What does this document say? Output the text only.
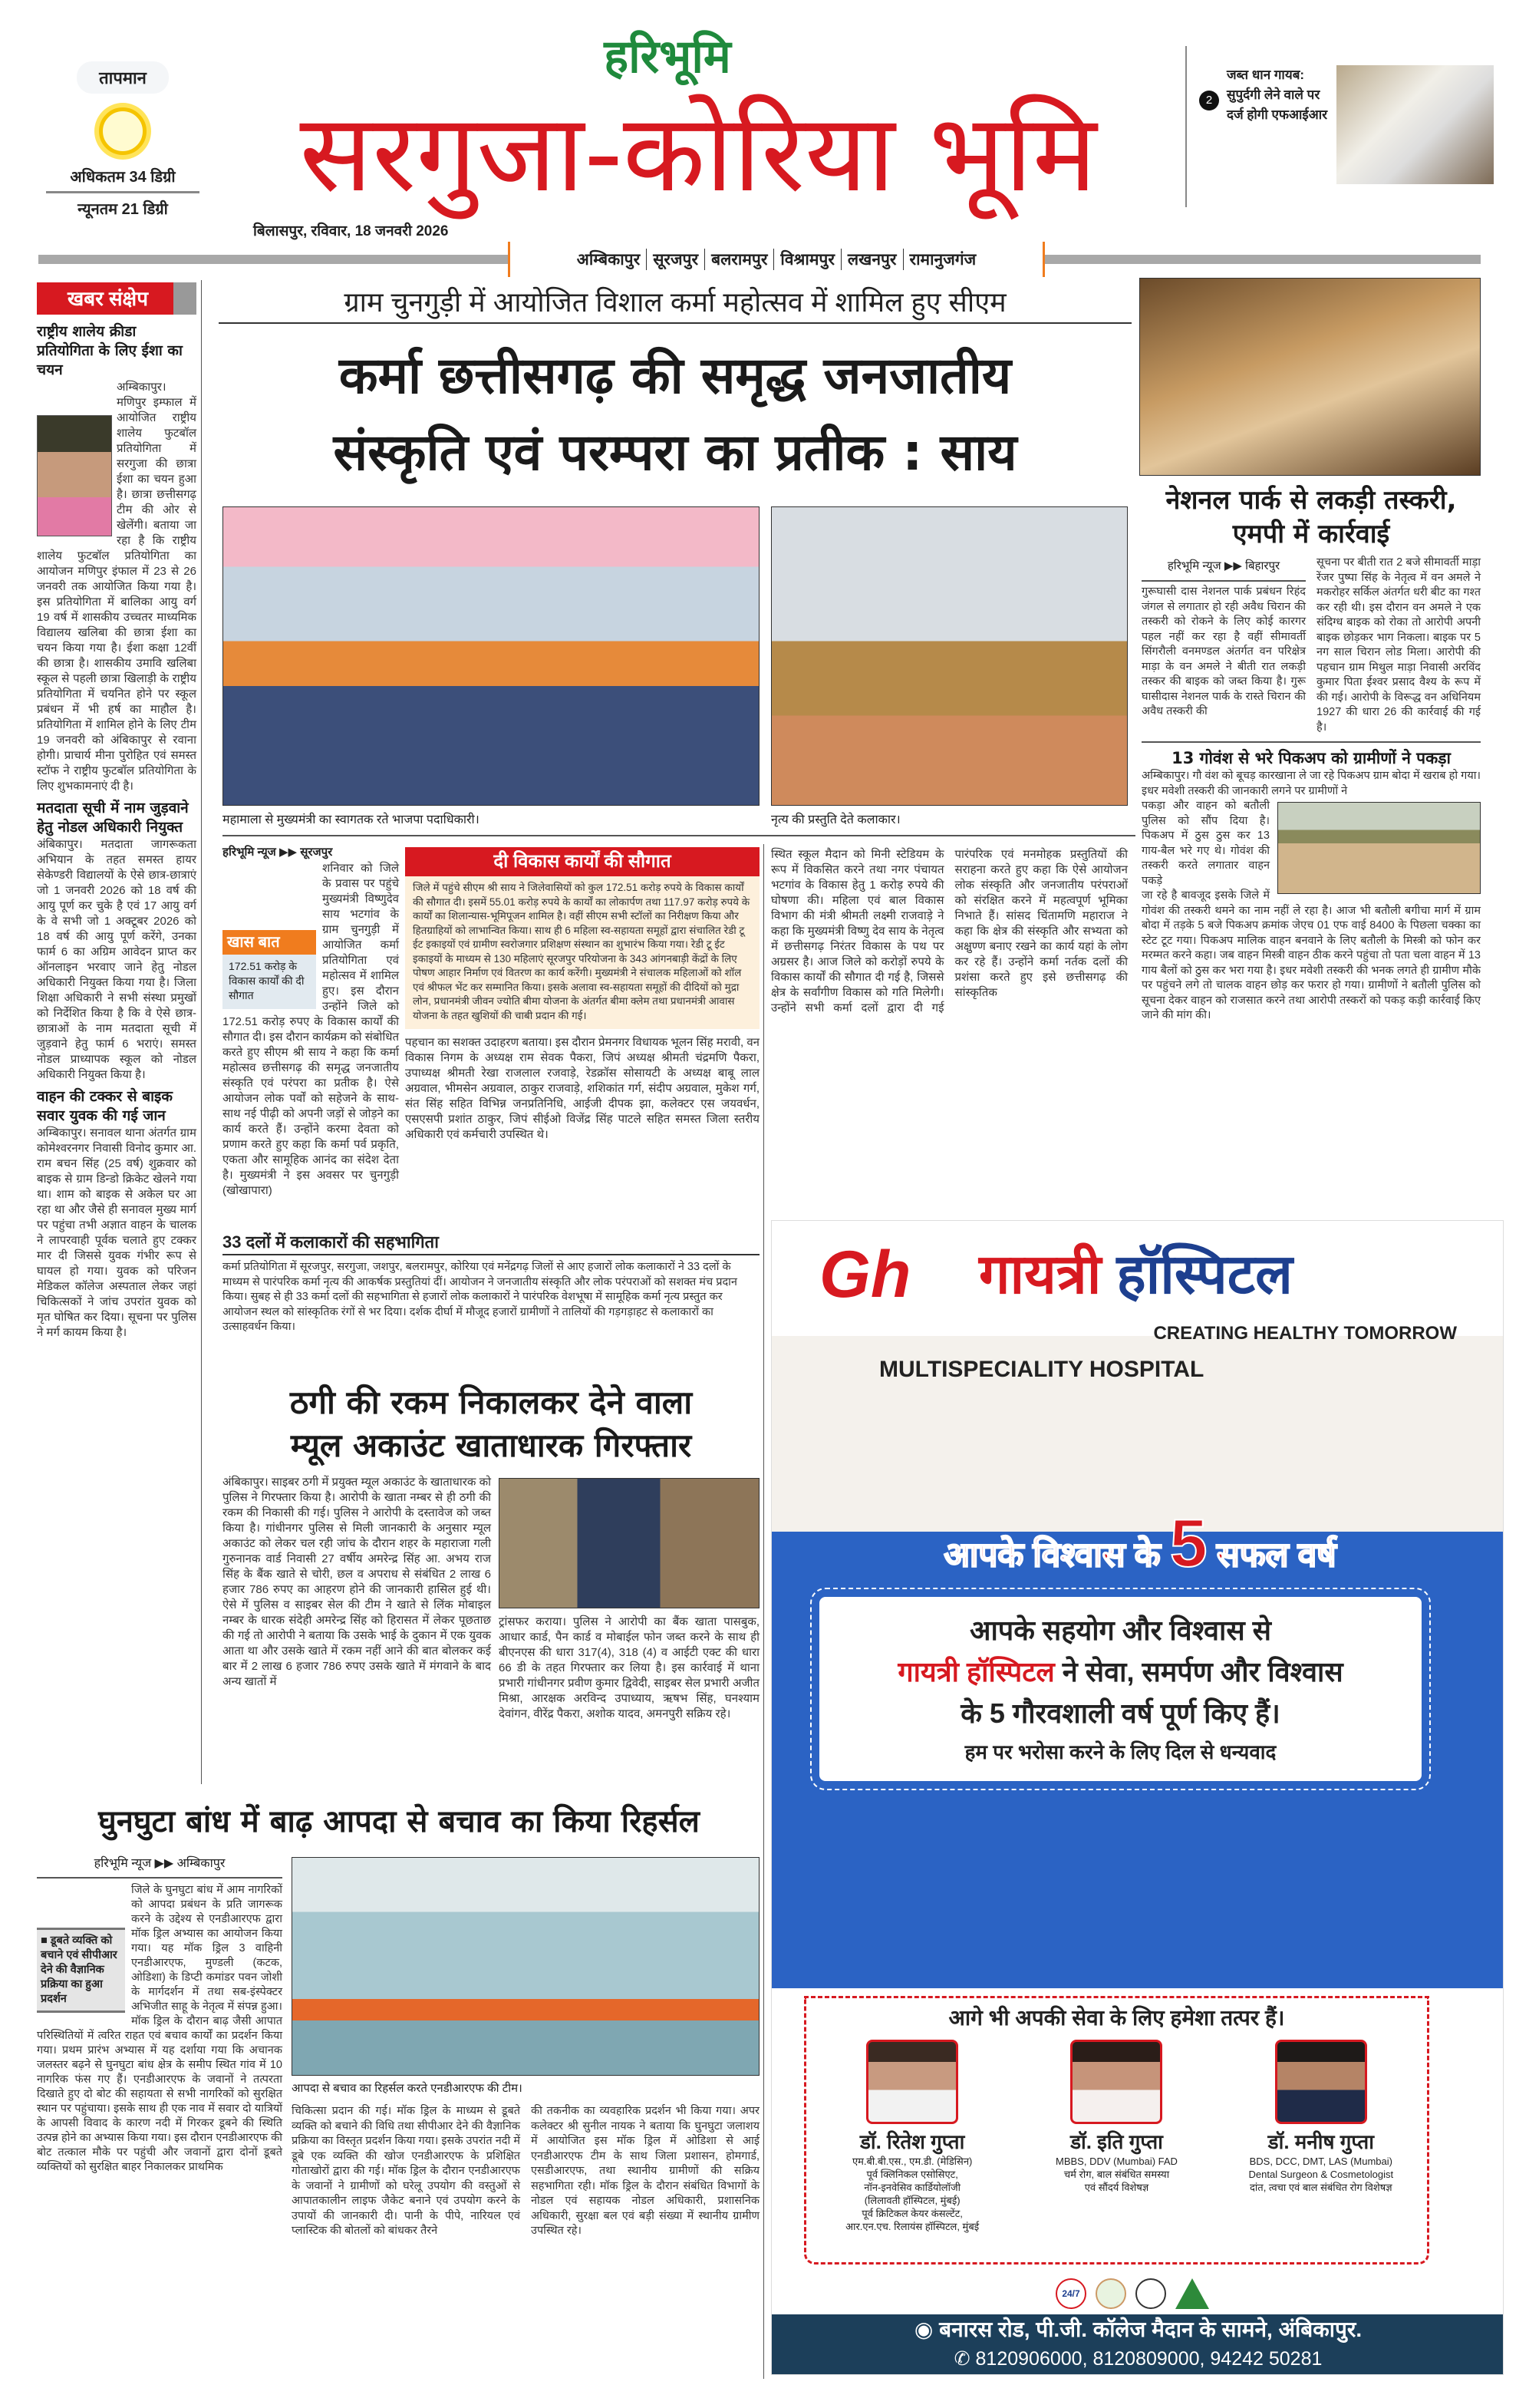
तापमान
अधिकतम 34 डिग्री
न्यूनतम 21 डिग्री
हरिभूमि
सरगुजा-कोरिया भूमि
बिलासपुर, रविवार, 18 जनवरी 2026
अम्बिकापुर सूरजपुर बलरामपुर विश्रामपुर लखनपुर रामानुजगंज
2
जब्त धान गायब: सुपुर्दगी लेने वाले पर दर्ज होगी एफआईआर
खबर संक्षेप
राष्ट्रीय शालेय क्रीडा प्रतियोगिता के लिए ईशा का चयन
अम्बिकापुर। मणिपुर इम्फाल में आयोजित राष्ट्रीय शालेय फुटबॉल प्रतियोगिता में सरगुजा की छात्रा ईशा का चयन हुआ है। छात्रा छत्तीसगढ़ टीम की ओर से खेलेंगी। बताया जा रहा है कि राष्ट्रीय शालेय फुटबॉल प्रतियोगिता का आयोजन मणिपुर इंफाल में 23 से 26 जनवरी तक आयोजित किया गया है। इस प्रतियोगिता में बालिका आयु वर्ग 19 वर्ष में शासकीय उच्चतर माध्यमिक विद्यालय खलिबा की छात्रा ईशा का चयन किया गया है। ईशा कक्षा 12वीं की छात्रा है। शासकीय उमावि खलिबा स्कूल से पहली छात्रा खिलाड़ी के राष्ट्रीय प्रतियोगिता में चयनित होने पर स्कूल प्रबंधन में भी हर्ष का माहौल है। प्रतियोगिता में शामिल होने के लिए टीम 19 जनवरी को अंबिकापुर से रवाना होगी। प्राचार्य मीना पुरोहित एवं समस्त स्टॉफ ने राष्ट्रीय फुटबॉल प्रतियोगिता के लिए शुभकामनाएं दी है।
मतदाता सूची में नाम जुड़वाने हेतु नोडल अधिकारी नियुक्त
अंबिकापुर। मतदाता जागरूकता अभियान के तहत समस्त हायर सेकेण्डरी विद्यालयों के ऐसे छात्र-छात्राएं जो 1 जनवरी 2026 को 18 वर्ष की आयु पूर्ण कर चुके है एवं 17 आयु वर्ग के वे सभी जो 1 अक्टूबर 2026 को 18 वर्ष की आयु पूर्ण करेंगे, उनका फार्म 6 का अग्रिम आवेदन प्राप्त कर ऑनलाइन भरवाए जाने हेतु नोडल अधिकारी नियुक्त किया गया है। जिला शिक्षा अधिकारी ने सभी संस्था प्रमुखों को निर्देशित किया है कि वे ऐसे छात्र-छात्राओं के नाम मतदाता सूची में जुड़वाने हेतु फार्म 6 भराएं। समस्त नोडल प्राध्यापक स्कूल को नोडल अधिकारी नियुक्त किया है।
वाहन की टक्कर से बाइक सवार युवक की गई जान
अम्बिकापुर। सनावल थाना अंतर्गत ग्राम कोमेश्वरनगर निवासी विनोद कुमार आ. राम बचन सिंह (25 वर्ष) शुक्रवार को बाइक से ग्राम डिन्डो क्रिकेट खेलने गया था। शाम को बाइक से अकेल घर आ रहा था और जैसे ही सनावल मुख्य मार्ग पर पहुंचा तभी अज्ञात वाहन के चालक ने लापरवाही पूर्वक चलाते हुए टक्कर मार दी जिससे युवक गंभीर रूप से घायल हो गया। युवक को परिजन मेडिकल कॉलेज अस्पताल लेकर जहां चिकित्सकों ने जांच उपरांत युवक को मृत घोषित कर दिया। सूचना पर पुलिस ने मर्ग कायम किया है।
ग्राम चुनगुड़ी में आयोजित विशाल कर्मा महोत्सव में शामिल हुए सीएम
कर्मा छत्तीसगढ़ की समृद्ध जनजातीय
संस्कृति एवं परम्परा का प्रतीक : साय
महामाला से मुख्यमंत्री का स्वागतक रते भाजपा पदाधिकारी।	नृत्य की प्रस्तुति देते कलाकार।
हरिभूमि न्यूज ▶▶ सूरजपुर
खास बात
172.51 करोड़ के विकास कार्यों की दी सौगात
शनिवार को जिले के प्रवास पर पहुंचे मुख्यमंत्री विष्णुदेव साय भटगांव के ग्राम चुनगुड़ी में आयोजित कर्मा प्रतियोगिता एवं महोत्सव में शामिल हुए। इस दौरान उन्होंने जिले को 172.51 करोड़ रुपए के विकास कार्यों की सौगात दी। इस दौरान कार्यक्रम को संबोधित करते हुए सीएम श्री साय ने कहा कि कर्मा महोत्सव छत्तीसगढ़ की समृद्ध जनजातीय संस्कृति एवं परंपरा का प्रतीक है। ऐसे आयोजन लोक पर्वों को सहेजने के साथ-साथ नई पीढ़ी को अपनी जड़ों से जोड़ने का कार्य करते हैं। उन्होंने करमा देवता को प्रणाम करते हुए कहा कि कर्मा पर्व प्रकृति, एकता और सामूहिक आनंद का संदेश देता है। मुख्यमंत्री ने इस अवसर पर चुनगुड़ी (खोखापारा)
दी विकास कार्यों की सौगात
जिले में पहुंचे सीएम श्री साय ने जिलेवासियों को कुल 172.51 करोड़ रुपये के विकास कार्यों की सौगात दी। इसमें 55.01 करोड़ रुपये के कार्यों का लोकार्पण तथा 117.97 करोड़ रुपये के कार्यों का शिलान्यास-भूमिपूजन शामिल है। वहीं सीएम सभी स्टॉलों का निरीक्षण किया और हितग्राहियों को लाभान्वित किया। साथ ही 6 महिला स्व-सहायता समूहों द्वारा संचालित रेडी टू ईट इकाइयों एवं ग्रामीण स्वरोजगार प्रशिक्षण संस्थान का शुभारंभ किया गया। रेडी टू ईट इकाइयों के माध्यम से 130 महिलाएं सूरजपुर परियोजना के 343 आंगनबाड़ी केंद्रों के लिए पोषण आहार निर्माण एवं वितरण का कार्य करेंगी। मुख्यमंत्री ने संचालक महिलाओं को शॉल एवं श्रीफल भेंट कर सम्मानित किया। इसके अलावा स्व-सहायता समूहों की दीदियों को मुद्रा लोन, प्रधानमंत्री जीवन ज्योति बीमा योजना के अंतर्गत बीमा क्लेम तथा प्रधानमंत्री आवास योजना के तहत खुशियों की चाबी प्रदान की गई।
पहचान का सशक्त उदाहरण बताया। इस दौरान प्रेमनगर विधायक भूलन सिंह मरावी, वन विकास निगम के अध्यक्ष राम सेवक पैकरा, जिपं अध्यक्ष श्रीमती चंद्रमणि पैकरा, उपाध्यक्ष श्रीमती रेखा राजलाल रजवाड़े, रेडक्रॉस सोसायटी के अध्यक्ष बाबू लाल अग्रवाल, भीमसेन अग्रवाल, ठाकुर राजवाड़े, शशिकांत गर्ग, संदीप अग्रवाल, मुकेश गर्ग, संत सिंह सहित विभिन्न जनप्रतिनिधि, आईजी दीपक झा, कलेक्टर एस जयवर्धन, एसएसपी प्रशांत ठाकुर, जिपं सीईओ विजेंद्र सिंह पाटले सहित समस्त जिला स्तरीय अधिकारी एवं कर्मचारी उपस्थित थे।
स्थित स्कूल मैदान को मिनी स्टेडियम के रूप में विकसित करने तथा नगर पंचायत भटगांव के विकास हेतु 1 करोड़ रुपये की घोषणा की। महिला एवं बाल विकास विभाग की मंत्री श्रीमती लक्ष्मी राजवाड़े ने कहा कि मुख्यमंत्री विष्णु देव साय के नेतृत्व में छत्तीसगढ़ निरंतर विकास के पथ पर अग्रसर है। आज जिले को करोड़ों रुपये के विकास कार्यों की सौगात दी गई है, जिससे क्षेत्र के सर्वांगीण विकास को गति मिलेगी। उन्होंने सभी कर्मा दलों द्वारा दी गई पारंपरिक एवं मनमोहक प्रस्तुतियों की सराहना करते हुए कहा कि ऐसे आयोजन लोक संस्कृति और जनजातीय परंपराओं को संरक्षित करने में महत्वपूर्ण भूमिका निभाते हैं। सांसद चिंतामणि महाराज ने कहा कि क्षेत्र की संस्कृति और सभ्यता को अक्षुण्ण बनाए रखने का कार्य यहां के लोग कर रहे हैं। उन्होंने कर्मा नर्तक दलों की प्रशंसा करते हुए इसे छत्तीसगढ़ की सांस्कृतिक
33 दलों में कलाकारों की सहभागिता
कर्मा प्रतियोगिता में सूरजपुर, सरगुजा, जशपुर, बलरामपुर, कोरिया एवं मनेंद्रगढ़ जिलों से आए हजारों लोक कलाकारों ने 33 दलों के माध्यम से पारंपरिक कर्मा नृत्य की आकर्षक प्रस्तुतियां दीं। आयोजन ने जनजातीय संस्कृति और लोक परंपराओं को सशक्त मंच प्रदान किया। सुबह से ही 33 कर्मा दलों की सहभागिता से हजारों लोक कलाकारों ने पारंपरिक वेशभूषा में सामूहिक कर्मा नृत्य प्रस्तुत कर आयोजन स्थल को सांस्कृतिक रंगों से भर दिया। दर्शक दीर्घा में मौजूद हजारों ग्रामीणों ने तालियों की गड़गड़ाहट से कलाकारों का उत्साहवर्धन किया।
ठगी की रकम निकालकर देने वाला
म्यूल अकाउंट खाताधारक गिरफ्तार
अंबिकापुर। साइबर ठगी में प्रयुक्त म्यूल अकाउंट के खाताधारक को पुलिस ने गिरफ्तार किया है। आरोपी के खाता नम्बर से ही ठगी की रकम की निकासी की गई। पुलिस ने आरोपी के दस्तावेज को जब्त किया है। गांधीनगर पुलिस से मिली जानकारी के अनुसार म्यूल अकाउंट को लेकर चल रही जांच के दौरान शहर के महाराजा गली गुरुनानक वार्ड निवासी 27 वर्षीय अमरेन्द्र सिंह आ. अभय राज सिंह के बैंक खाते से चोरी, छल व अपराध से संबंधित 2 लाख 6 हजार 786 रुपए का आहरण होने की जानकारी हासिल हुई थी। ऐसे में पुलिस व साइबर सेल की टीम ने खाते से लिंक मोबाइल नम्बर के धारक संदेही अमरेन्द्र सिंह को हिरासत में लेकर पूछताछ की गई तो आरोपी ने बताया कि उसके भाई के दुकान में एक युवक आता था और उसके खाते में रकम नहीं आने की बात बोलकर कई बार में 2 लाख 6 हजार 786 रुपए उसके खाते में मंगवाने के बाद अन्य खातों में
ट्रांसफर कराया। पुलिस ने आरोपी का बैंक खाता पासबुक, आधार कार्ड, पैन कार्ड व मोबाईल फोन जब्त करने के साथ ही बीएनएस की धारा 317(4), 318 (4) व आईटी एक्ट की धारा 66 डी के तहत गिरफ्तार कर लिया है। इस कार्रवाई में थाना प्रभारी गांधीनगर प्रवीण कुमार द्विवेदी, साइबर सेल प्रभारी अजीत मिश्रा, आरक्षक अरविन्द उपाध्याय, ऋषभ सिंह, घनश्याम देवांगन, वीरेंद्र पैकरा, अशोक यादव, अमनपुरी सक्रिय रहे।
नेशनल पार्क से लकड़ी तस्करी, एमपी में कार्रवाई
हरिभूमि न्यूज ▶▶ बिहारपुर
गुरूघासी दास नेशनल पार्क प्रबंधन रिहंद जंगल से लगातार हो रही अवैध चिरान की तस्करी को रोकने के लिए कोई कारगर पहल नहीं कर रहा है वहीं सीमावर्ती सिंगरौली वनमण्डल अंतर्गत वन परिक्षेत्र माड़ा के वन अमले ने बीती रात लकड़ी तस्कर की बाइक को जब्त किया है। गुरू घासीदास नेशनल पार्क के रास्ते चिरान की अवैध तस्करी की
सूचना पर बीती रात 2 बजे सीमावर्ती माड़ा रेंजर पुष्पा सिंह के नेतृत्व में वन अमले ने मकरोहर सर्किल अंतर्गत धरी बीट का गश्त कर रही थी। इस दौरान वन अमले ने एक संदिग्ध बाइक को रोका तो आरोपी अपनी बाइक छोड़कर भाग निकला। बाइक पर 5 नग साल चिरान लोड मिला। आरोपी की पहचान ग्राम मिथुल माड़ा निवासी अरविंद कुमार पिता ईश्वर प्रसाद वैश्य के रूप में की गई। आरोपी के विरूद्ध वन अधिनियम 1927 की धारा 26 की कार्रवाई की गई है।
13 गोवंश से भरे पिकअप को ग्रामीणों ने पकड़ा
अम्बिकापुर। गौ वंश को बूचड़ कारखाना ले जा रहे पिकअप ग्राम बोदा में खराब हो गया। इधर मवेशी तस्करी की जानकारी लगने पर ग्रामीणों ने
पकड़ा और वाहन को बतौली पुलिस को सौंप दिया है। पिकअप में ठुस ठुस कर 13 गाय-बैल भरे गए थे। गोवंश की तस्करी करते लगातार वाहन पकड़े
जा रहे है बावजूद इसके जिले में गोवंश की तस्करी थमने का नाम नहीं ले रहा है। आज भी बतौली बगीचा मार्ग में ग्राम बोदा में तड़के 5 बजे पिकअप क्रमांक जेएच 01 एफ वाई 8400 के पिछला चक्का का स्टेट टूट गया। पिकअप मालिक वाहन बनवाने के लिए बतौली के मिस्त्री को फोन कर मरम्मत करने कहा। जब वाहन मिस्त्री वाहन ठीक करने पहुंचा तो पता चला वाहन में 13 गाय बैलों को ठुस कर भरा गया है। इधर मवेशी तस्करी की भनक लगते ही ग्रामीण मौके पर पहुंचने लगे तो चालक वाहन छोड़ कर फरार हो गया। ग्रामीणों ने बतौली पुलिस को सूचना देकर वाहन को राजसात करने तथा आरोपी तस्करों को पकड़ कड़ी कार्रवाई किए जाने की मांग की।
घुनघुटा बांध में बाढ़ आपदा से बचाव का किया रिहर्सल
हरिभूमि न्यूज ▶▶ अम्बिकापुर
■ डूबते व्यक्ति को बचाने एवं सीपीआर देने की वैज्ञानिक प्रक्रिया का हुआ प्रदर्शन
जिले के घुनघुटा बांध में आम नागरिकों को आपदा प्रबंधन के प्रति जागरूक करने के उद्देश्य से एनडीआरएफ द्वारा मॉक ड्रिल अभ्यास का आयोजन किया गया। यह मॉक ड्रिल 3 वाहिनी एनडीआरएफ, मुण्डली (कटक, ओडिशा) के डिप्टी कमांडर पवन जोशी के मार्गदर्शन में तथा सब-इंस्पेक्टर अभिजीत साहू के नेतृत्व में संपन्न हुआ। मॉक ड्रिल के दौरान बाढ़ जैसी आपात परिस्थितियों में त्वरित राहत एवं बचाव कार्यों का प्रदर्शन किया गया। प्रथम प्रारंभ अभ्यास में यह दर्शाया गया कि अचानक जलस्तर बढ़ने से घुनघुटा बांध क्षेत्र के समीप स्थित गांव में 10 नागरिक फंस गए हैं। एनडीआरएफ के जवानों ने तत्परता दिखाते हुए दो बोट की सहायता से सभी नागरिकों को सुरक्षित स्थान पर पहुंचाया। इसके साथ ही एक नाव में सवार दो यात्रियों के आपसी विवाद के कारण नदी में गिरकर डूबने की स्थिति उत्पन्न होने का अभ्यास किया गया। इस दौरान एनडीआरएफ की बोट तत्काल मौके पर पहुंची और जवानों द्वारा दोनों डूबते व्यक्तियों को सुरक्षित बाहर निकालकर प्राथमिक
आपदा से बचाव का रिहर्सल करते एनडीआरएफ की टीम।
चिकित्सा प्रदान की गई। मॉक ड्रिल के माध्यम से डूबते व्यक्ति को बचाने की विधि तथा सीपीआर देने की वैज्ञानिक प्रक्रिया का विस्तृत प्रदर्शन किया गया। इसके उपरांत नदी में डूबे एक व्यक्ति की खोज एनडीआरएफ के प्रशिक्षित गोताखोरों द्वारा की गई। मॉक ड्रिल के दौरान एनडीआरएफ के जवानों ने ग्रामीणों को घरेलू उपयोग की वस्तुओं से आपातकालीन लाइफ जैकेट बनाने एवं उपयोग करने के उपायों की जानकारी दी। पानी के पीपे, नारियल एवं प्लास्टिक की बोतलों को बांधकर तैरने
की तकनीक का व्यवहारिक प्रदर्शन भी किया गया। अपर कलेक्टर श्री सुनील नायक ने बताया कि घुनघुटा जलाशय में आयोजित इस मॉक ड्रिल में ओडिशा से आई एनडीआरएफ टीम के साथ जिला प्रशासन, होमगार्ड, एसडीआरएफ, तथा स्थानीय ग्रामीणों की सक्रिय सहभागिता रही। मॉक ड्रिल के दौरान संबंधित विभागों के नोडल एवं सहायक नोडल अधिकारी, प्रशासनिक अधिकारी, सुरक्षा बल एवं बड़ी संख्या में स्थानीय ग्रामीण उपस्थित रहे।
Gh गायत्री हॉस्पिटल
CREATING HEALTHY TOMORROW
MULTISPECIALITY HOSPITAL
आपके विश्वास के 5 सफल वर्ष
आपके सहयोग और विश्वास से
गायत्री हॉस्पिटल ने सेवा, समर्पण और विश्वास
के 5 गौरवशाली वर्ष पूर्ण किए हैं।
हम पर भरोसा करने के लिए दिल से धन्यवाद
आगे भी अपकी सेवा के लिए हमेशा तत्पर हैं।
डॉ. रितेश गुप्ता
एम.बी.बी.एस., एम.डी. (मेडिसिन)
पूर्व क्लिनिकल एसोसिएट,
नॉन-इनवेसिव कार्डियोलॉजी
(लिलावती हॉस्पिटल, मुंबई)
पूर्व क्रिटिकल केयर कंसल्टेंट,
आर.एन.एच. रिलायंस हॉस्पिटल, मुंबई
डॉ. इति गुप्ता
MBBS, DDV (Mumbai) FAD
चर्म रोग, बाल संबंधित समस्या
एवं सौंदर्य विशेषज्ञ
डॉ. मनीष गुप्ता
BDS, DCC, DMT, LAS (Mumbai)
Dental Surgeon & Cosmetologist
दांत, त्वचा एवं बाल संबंधित रोग विशेषज्ञ
24/7
◉ बनारस रोड, पी.जी. कॉलेज मैदान के सामने, अंबिकापुर.
✆ 8120906000, 8120809000, 94242 50281
